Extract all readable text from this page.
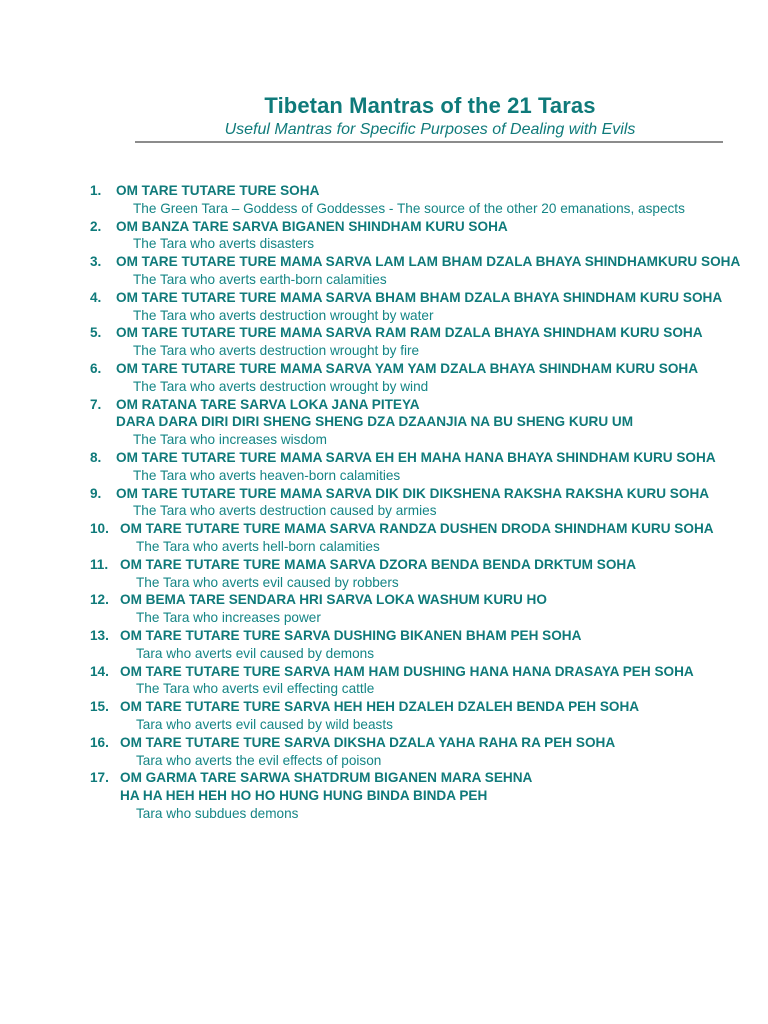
Tibetan Mantras of the 21 Taras
Useful Mantras for Specific Purposes of Dealing with Evils
1. OM TARE TUTARE TURE SOHA
The Green Tara – Goddess of Goddesses - The source of the other 20 emanations, aspects
2. OM BANZA TARE SARVA BIGANEN SHINDHAM KURU SOHA
The Tara who averts disasters
3. OM TARE TUTARE TURE MAMA SARVA LAM LAM BHAM DZALA BHAYA SHINDHAMKURU SOHA
The Tara who averts earth-born calamities
4. OM TARE TUTARE TURE MAMA SARVA BHAM BHAM DZALA BHAYA SHINDHAM KURU SOHA
The Tara who averts destruction wrought by water
5. OM TARE TUTARE TURE MAMA SARVA RAM RAM DZALA BHAYA SHINDHAM KURU SOHA
The Tara who averts destruction wrought by fire
6. OM TARE TUTARE TURE MAMA SARVA YAM YAM DZALA BHAYA SHINDHAM KURU SOHA
The Tara who averts destruction wrought by wind
7. OM RATANA TARE SARVA LOKA JANA PITEYA
DARA DARA DIRI DIRI SHENG SHENG DZA DZAANJIA NA BU SHENG KURU UM
The Tara who increases wisdom
8. OM TARE TUTARE TURE MAMA SARVA EH EH MAHA HANA BHAYA SHINDHAM KURU SOHA
The Tara who averts heaven-born calamities
9. OM TARE TUTARE TURE MAMA SARVA DIK DIK DIKSHENA RAKSHA RAKSHA KURU SOHA
The Tara who averts destruction caused by armies
10. OM TARE TUTARE TURE MAMA SARVA RANDZA DUSHEN DRODA SHINDHAM KURU SOHA
The Tara who averts hell-born calamities
11. OM TARE TUTARE TURE MAMA SARVA DZORA BENDA BENDA DRKTUM SOHA
The Tara who averts evil caused by robbers
12. OM BEMA TARE SENDARA HRI SARVA LOKA WASHUM KURU HO
The Tara who increases power
13. OM TARE TUTARE TURE SARVA DUSHING BIKANEN BHAM PEH SOHA
Tara who averts evil caused by demons
14. OM TARE TUTARE TURE SARVA HAM HAM DUSHING HANA HANA DRASAYA PEH SOHA
The Tara who averts evil effecting cattle
15. OM TARE TUTARE TURE SARVA HEH HEH DZALEH DZALEH BENDA PEH SOHA
Tara who averts evil caused by wild beasts
16. OM TARE TUTARE TURE SARVA DIKSHA DZALA YAHA RAHA RA PEH SOHA
Tara who averts the evil effects of poison
17. OM GARMA TARE SARWA SHATDRUM BIGANEN MARA SEHNA
HA HA HEH HEH HO HO HUNG HUNG BINDA BINDA PEH
Tara who subdues demons
